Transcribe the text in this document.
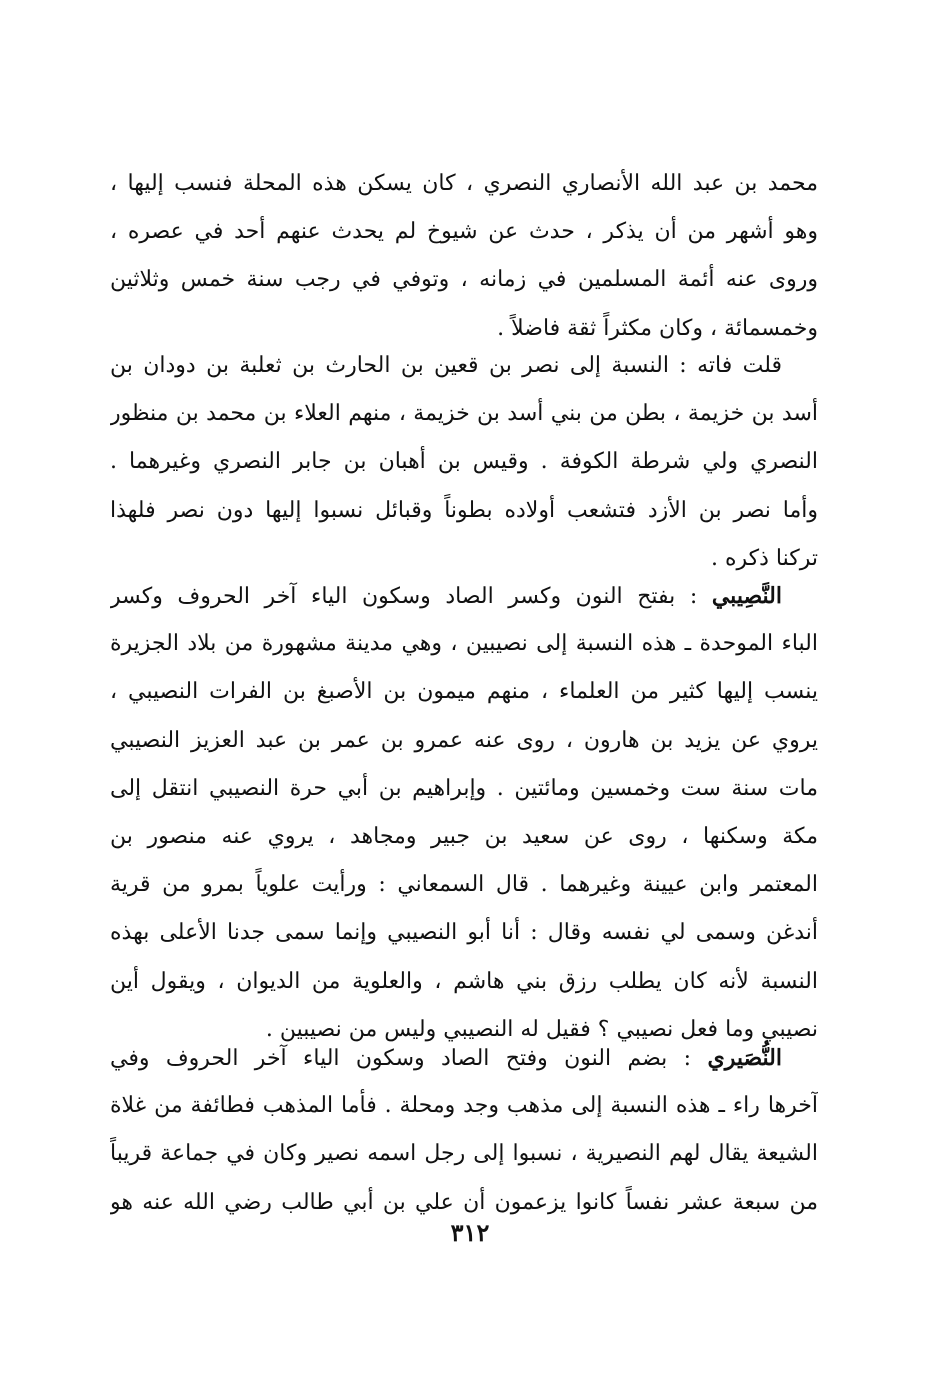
محمد بن عبد الله الأنصاري النصري ، كان يسكن هذه المحلة فنسب إليها ،
وهو أشهر من أن يذكر ، حدث عن شيوخ لم يحدث عنهم أحد في عصره ،
وروى عنه أئمة المسلمين في زمانه ، وتوفي في رجب سنة خمس وثلاثين
وخمسمائة ، وكان مكثراً ثقة فاضلاً .
قلت فاته : النسبة إلى نصر بن قعين بن الحارث بن ثعلبة بن دودان بن
أسد بن خزيمة ، بطن من بني أسد بن خزيمة ، منهم العلاء بن محمد بن منظور
النصري ولي شرطة الكوفة . وقيس بن أهبان بن جابر النصري وغيرهما .
وأما نصر بن الأزد فتشعب أولاده بطوناً وقبائل نسبوا إليها دون نصر فلهذا
تركنا ذكره .
النَّصِيبي : بفتح النون وكسر الصاد وسكون الياء آخر الحروف وكسر
الباء الموحدة ـ هذه النسبة إلى نصيبين ، وهي مدينة مشهورة من بلاد الجزيرة
ينسب إليها كثير من العلماء ، منهم ميمون بن الأصبغ بن الفرات النصيبي ،
يروي عن يزيد بن هارون ، روى عنه عمرو بن عمر بن عبد العزيز النصيبي
مات سنة ست وخمسين ومائتين . وإبراهيم بن أبي حرة النصيبي انتقل إلى
مكة وسكنها ، روى عن سعيد بن جبير ومجاهد ، يروي عنه منصور بن
المعتمر وابن عيينة وغيرهما . قال السمعاني : ورأيت علوياً بمرو من قرية
أندغن وسمى لي نفسه وقال : أنا أبو النصيبي وإنما سمى جدنا الأعلى بهذه
النسبة لأنه كان يطلب رزق بني هاشم ، والعلوية من الديوان ، ويقول أين
نصيبي وما فعل نصيبي ؟ فقيل له النصيبي وليس من نصيبين .
النُّصَيري : بضم النون وفتح الصاد وسكون الياء آخر الحروف وفي
آخرها راء ـ هذه النسبة إلى مذهب وجد ومحلة . فأما المذهب فطائفة من غلاة
الشيعة يقال لهم النصيرية ، نسبوا إلى رجل اسمه نصير وكان في جماعة قريباً
من سبعة عشر نفساً كانوا يزعمون أن علي بن أبي طالب رضي الله عنه هو
٣١٢
